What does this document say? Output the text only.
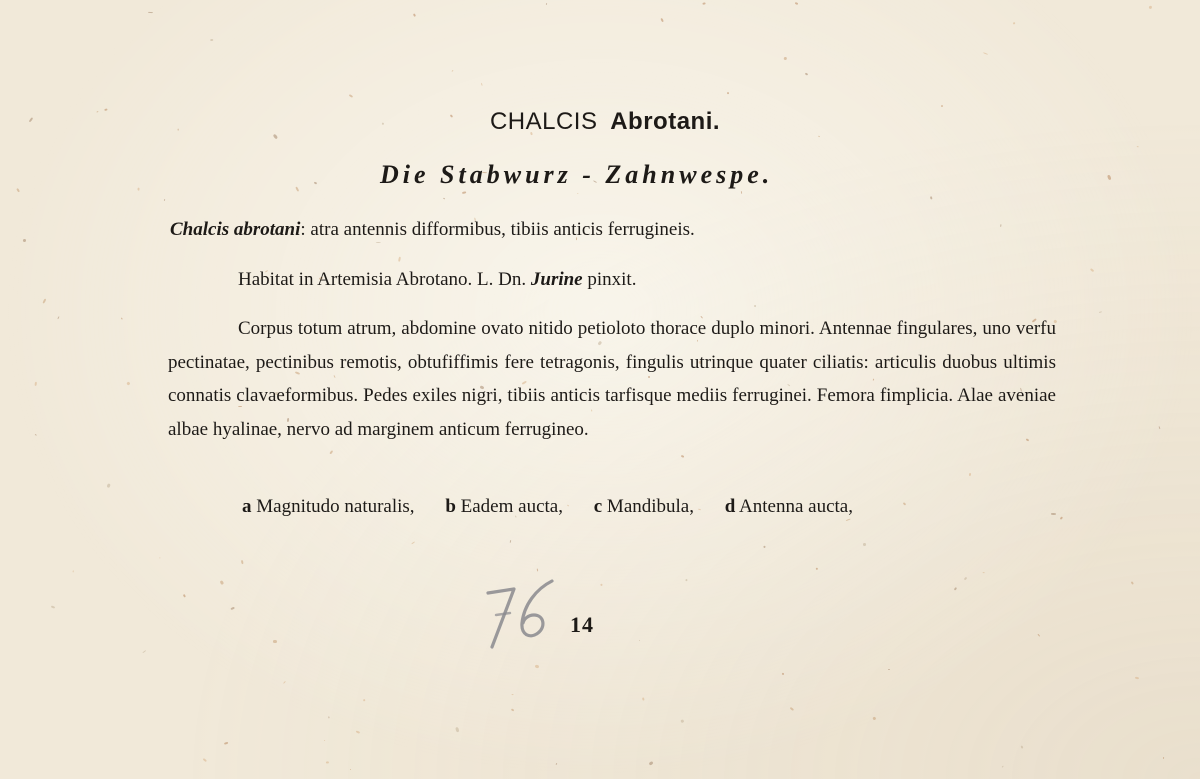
CHALCIS Abrotani.
Die Stabwurz - Zahnwespe.

Chalcis abrotani: atra antennis difformibus, tibiis anticis ferrugineis.

Habitat in Artemisia Abrotano. L. Dn. Jurine pinxit.

Corpus totum atrum, abdomine ovato nitido petioloto thorace duplo minori. Antennae fingulares, uno verfu pectinatae, pectinibus remotis, obtufiffimis fere tetragonis, fingulis utrinque quater ciliatis: articulis duobus ultimis connatis clavaeformibus. Pedes exiles nigri, tibiis anticis tarfisque mediis ferruginei. Femora fimplicia. Alae aveniae albae hyalinae, nervo ad marginem anticum ferrugineo.

a Magnitudo naturalis, b Eadem aucta, c Mandibula, d Antenna aucta,

14
